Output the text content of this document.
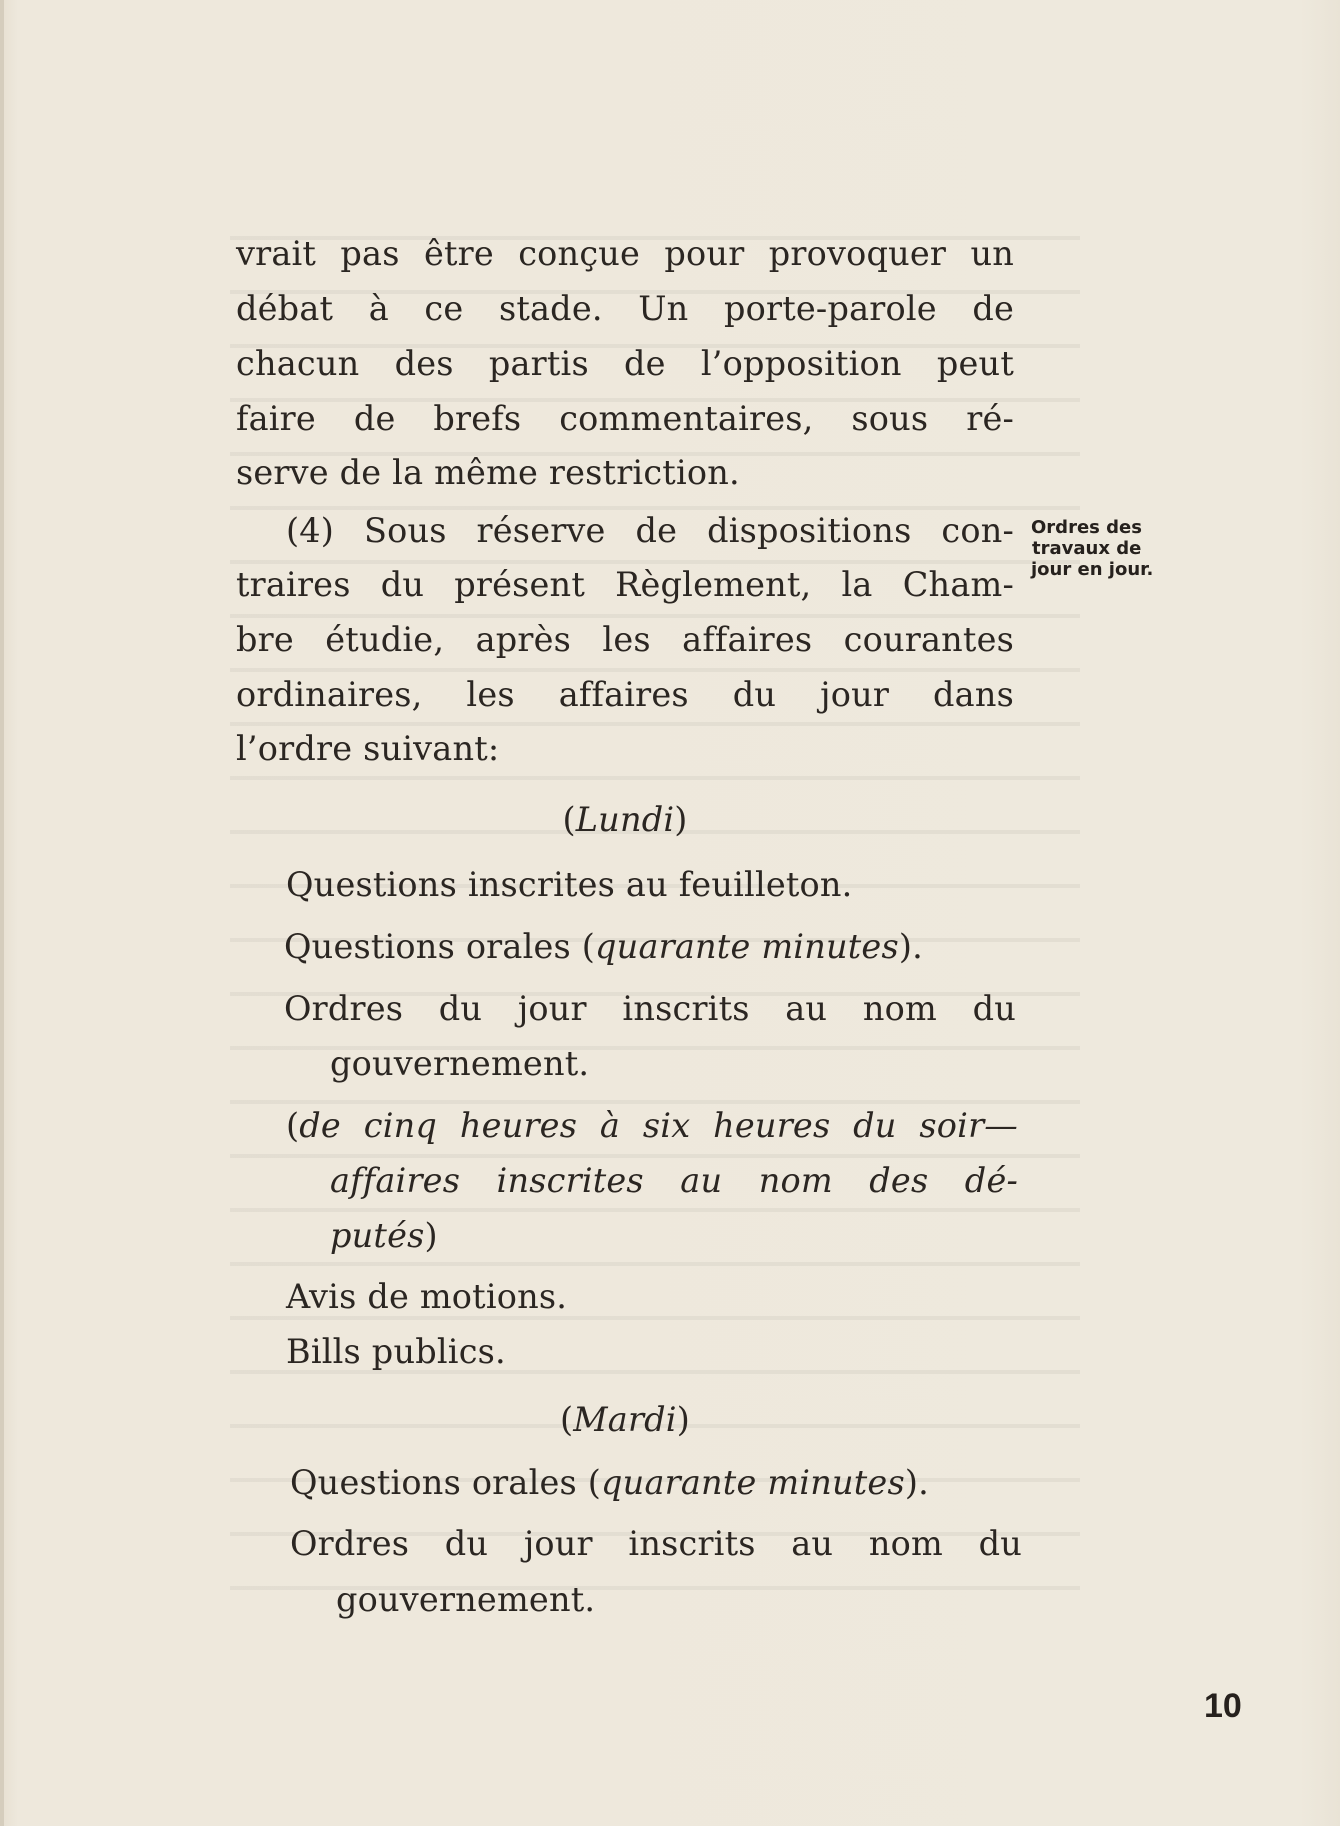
vrait pas être conçue pour provoquer un
débat à ce stade. Un porte-parole de
chacun des partis de l’opposition peut
faire de brefs commentaires, sous ré-
serve de la même restriction.
(4) Sous réserve de dispositions con-
traires du présent Règlement, la Cham-
bre étudie, après les affaires courantes
ordinaires, les affaires du jour dans
l’ordre suivant:
(Lundi)
Questions inscrites au feuilleton.
Questions orales (quarante minutes).
Ordres du jour inscrits au nom du
gouvernement.
(de cinq heures à six heures du soir—
affaires inscrites au nom des dé-
putés)
Avis de motions.
Bills publics.
(Mardi)
Questions orales (quarante minutes).
Ordres du jour inscrits au nom du
gouvernement.
Ordres des
travaux de
jour en jour.
10
